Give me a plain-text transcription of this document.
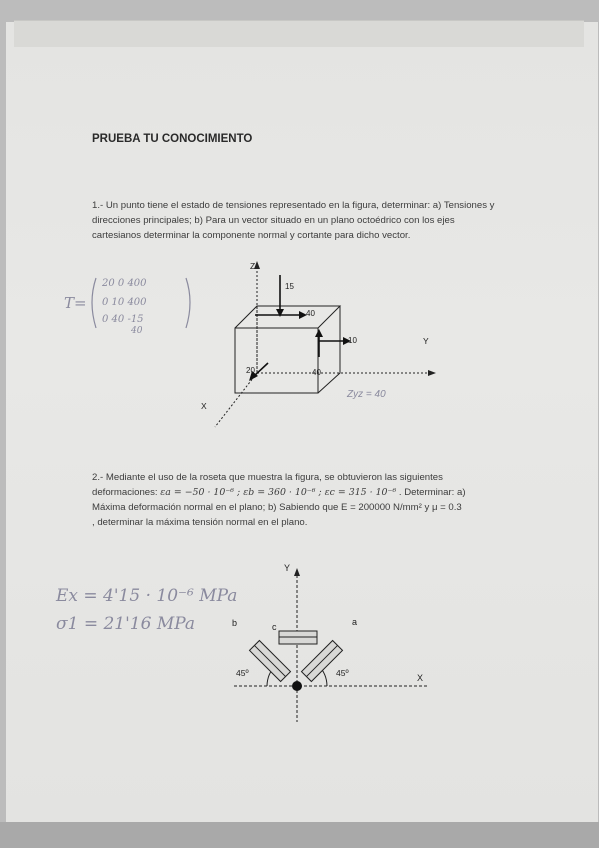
PRUEBA TU CONOCIMIENTO
1.- Un punto tiene el estado de tensiones representado en la figura, determinar: a) Tensiones y direcciones principales; b) Para un vector situado en un plano octoédrico con los ejes cartesianos determinar la componente normal y cortante para dicho vector.
T=
20 0 400
0 10 400
0 40 -15
40
Z
Y
X
15
40
10
20	40
Zyz = 40
2.- Mediante el uso de la roseta que muestra la figura, se obtuvieron las siguientes
deformaciones: εa = −50 · 10⁻⁶ ; εb = 360 · 10⁻⁶ ; εc = 315 · 10⁻⁶ . Determinar: a)
Máxima deformación normal en el plano; b) Sabiendo que E = 200000 N/mm² y μ = 0.3
, determinar la máxima tensión normal en el plano.
Ex = 4'15 · 10⁻⁶ MPa
σ1 = 21'16 MPa
Y
X
a
b	c
45º	45º
